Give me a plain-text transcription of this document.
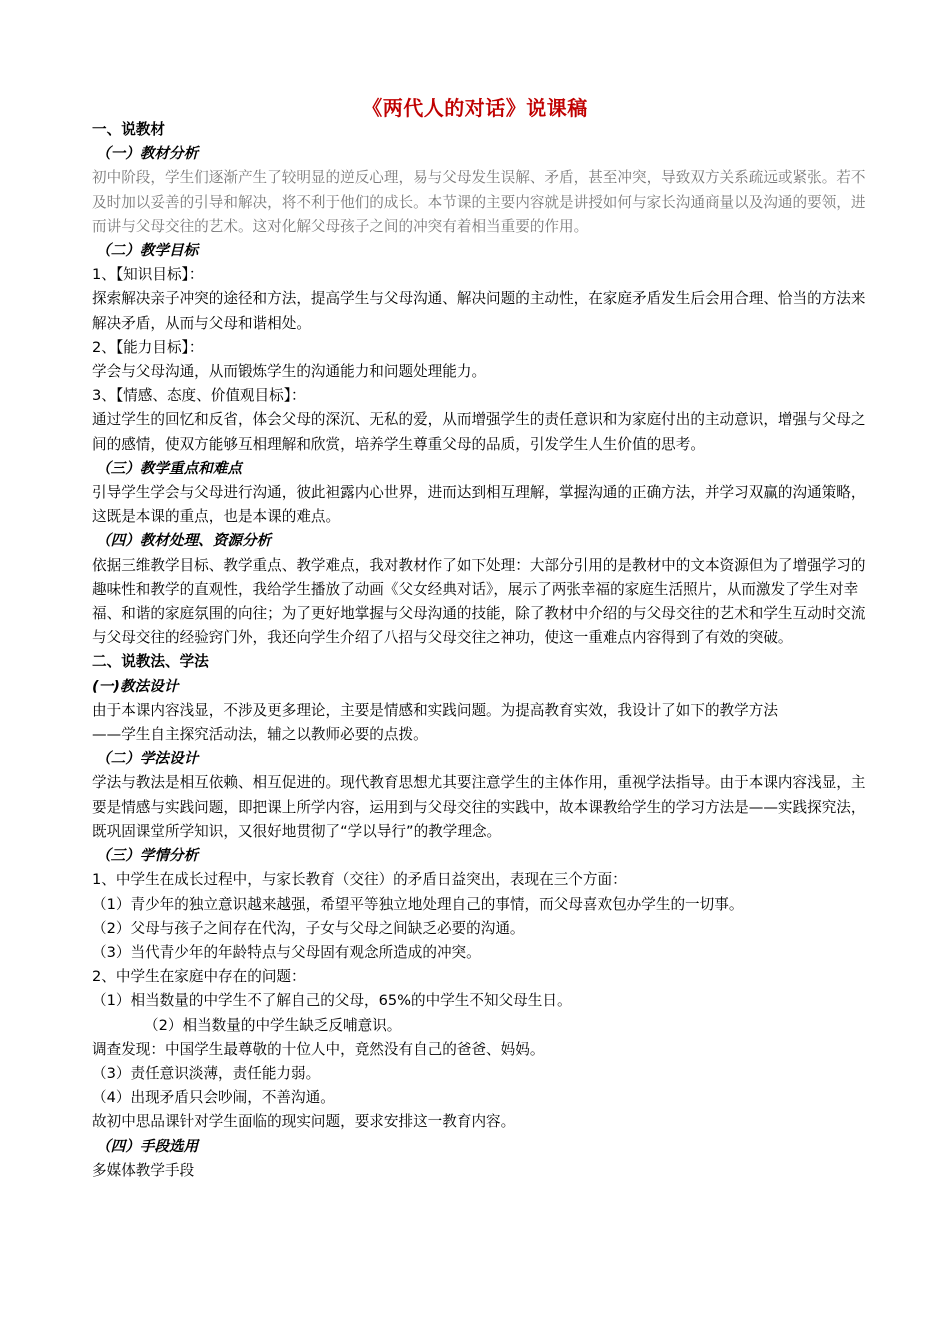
《两代人的对话》说课稿

一、说教材

（一）教材分析

初中阶段，学生们逐渐产生了较明显的逆反心理，易与父母发生误解、矛盾，甚至冲突，导致双方关系疏远或紧张。若不及时加以妥善的引导和解决，将不利于他们的成长。本节课的主要内容就是讲授如何与家长沟通商量以及沟通的要领，进而讲与父母交往的艺术。这对化解父母孩子之间的冲突有着相当重要的作用。

（二）教学目标

1、【知识目标】：

探索解决亲子冲突的途径和方法，提高学生与父母沟通、解决问题的主动性，在家庭矛盾发生后会用合理、恰当的方法来解决矛盾，从而与父母和谐相处。

2、【能力目标】：

学会与父母沟通，从而锻炼学生的沟通能力和问题处理能力。

3、【情感、态度、价值观目标】：

通过学生的回忆和反省，体会父母的深沉、无私的爱，从而增强学生的责任意识和为家庭付出的主动意识，增强与父母之间的感情，使双方能够互相理解和欣赏，培养学生尊重父母的品质，引发学生人生价值的思考。

（三）教学重点和难点

引导学生学会与父母进行沟通，彼此袒露内心世界，进而达到相互理解，掌握沟通的正确方法，并学习双赢的沟通策略，这既是本课的重点，也是本课的难点。

（四）教材处理、资源分析

依据三维教学目标、教学重点、教学难点，我对教材作了如下处理：大部分引用的是教材中的文本资源但为了增强学习的趣味性和教学的直观性，我给学生播放了动画《父女经典对话》，展示了两张幸福的家庭生活照片，从而激发了学生对幸福、和谐的家庭氛围的向往；为了更好地掌握与父母沟通的技能，除了教材中介绍的与父母交往的艺术和学生互动时交流与父母交往的经验窍门外，我还向学生介绍了八招与父母交往之神功，使这一重难点内容得到了有效的突破。

二、说教法、学法

(一)教法设计

由于本课内容浅显，不涉及更多理论，主要是情感和实践问题。为提高教育实效，我设计了如下的教学方法

——学生自主探究活动法，辅之以教师必要的点拨。

（二）学法设计

学法与教法是相互依赖、相互促进的。现代教育思想尤其要注意学生的主体作用，重视学法指导。由于本课内容浅显，主要是情感与实践问题，即把课上所学内容，运用到与父母交往的实践中，故本课教给学生的学习方法是——实践探究法，既巩固课堂所学知识，又很好地贯彻了“学以导行”的教学理念。

（三）学情分析

1、中学生在成长过程中，与家长教育（交往）的矛盾日益突出，表现在三个方面：

（1）青少年的独立意识越来越强，希望平等独立地处理自己的事情，而父母喜欢包办学生的一切事。

（2）父母与孩子之间存在代沟，子女与父母之间缺乏必要的沟通。

（3）当代青少年的年龄特点与父母固有观念所造成的冲突。

2、中学生在家庭中存在的问题：

（1）相当数量的中学生不了解自己的父母，65%的中学生不知父母生日。

（2）相当数量的中学生缺乏反哺意识。

调查发现：中国学生最尊敬的十位人中，竟然没有自己的爸爸、妈妈。

（3）责任意识淡薄，责任能力弱。

（4）出现矛盾只会吵闹，不善沟通。

故初中思品课针对学生面临的现实问题，要求安排这一教育内容。

（四）手段选用

多媒体教学手段
